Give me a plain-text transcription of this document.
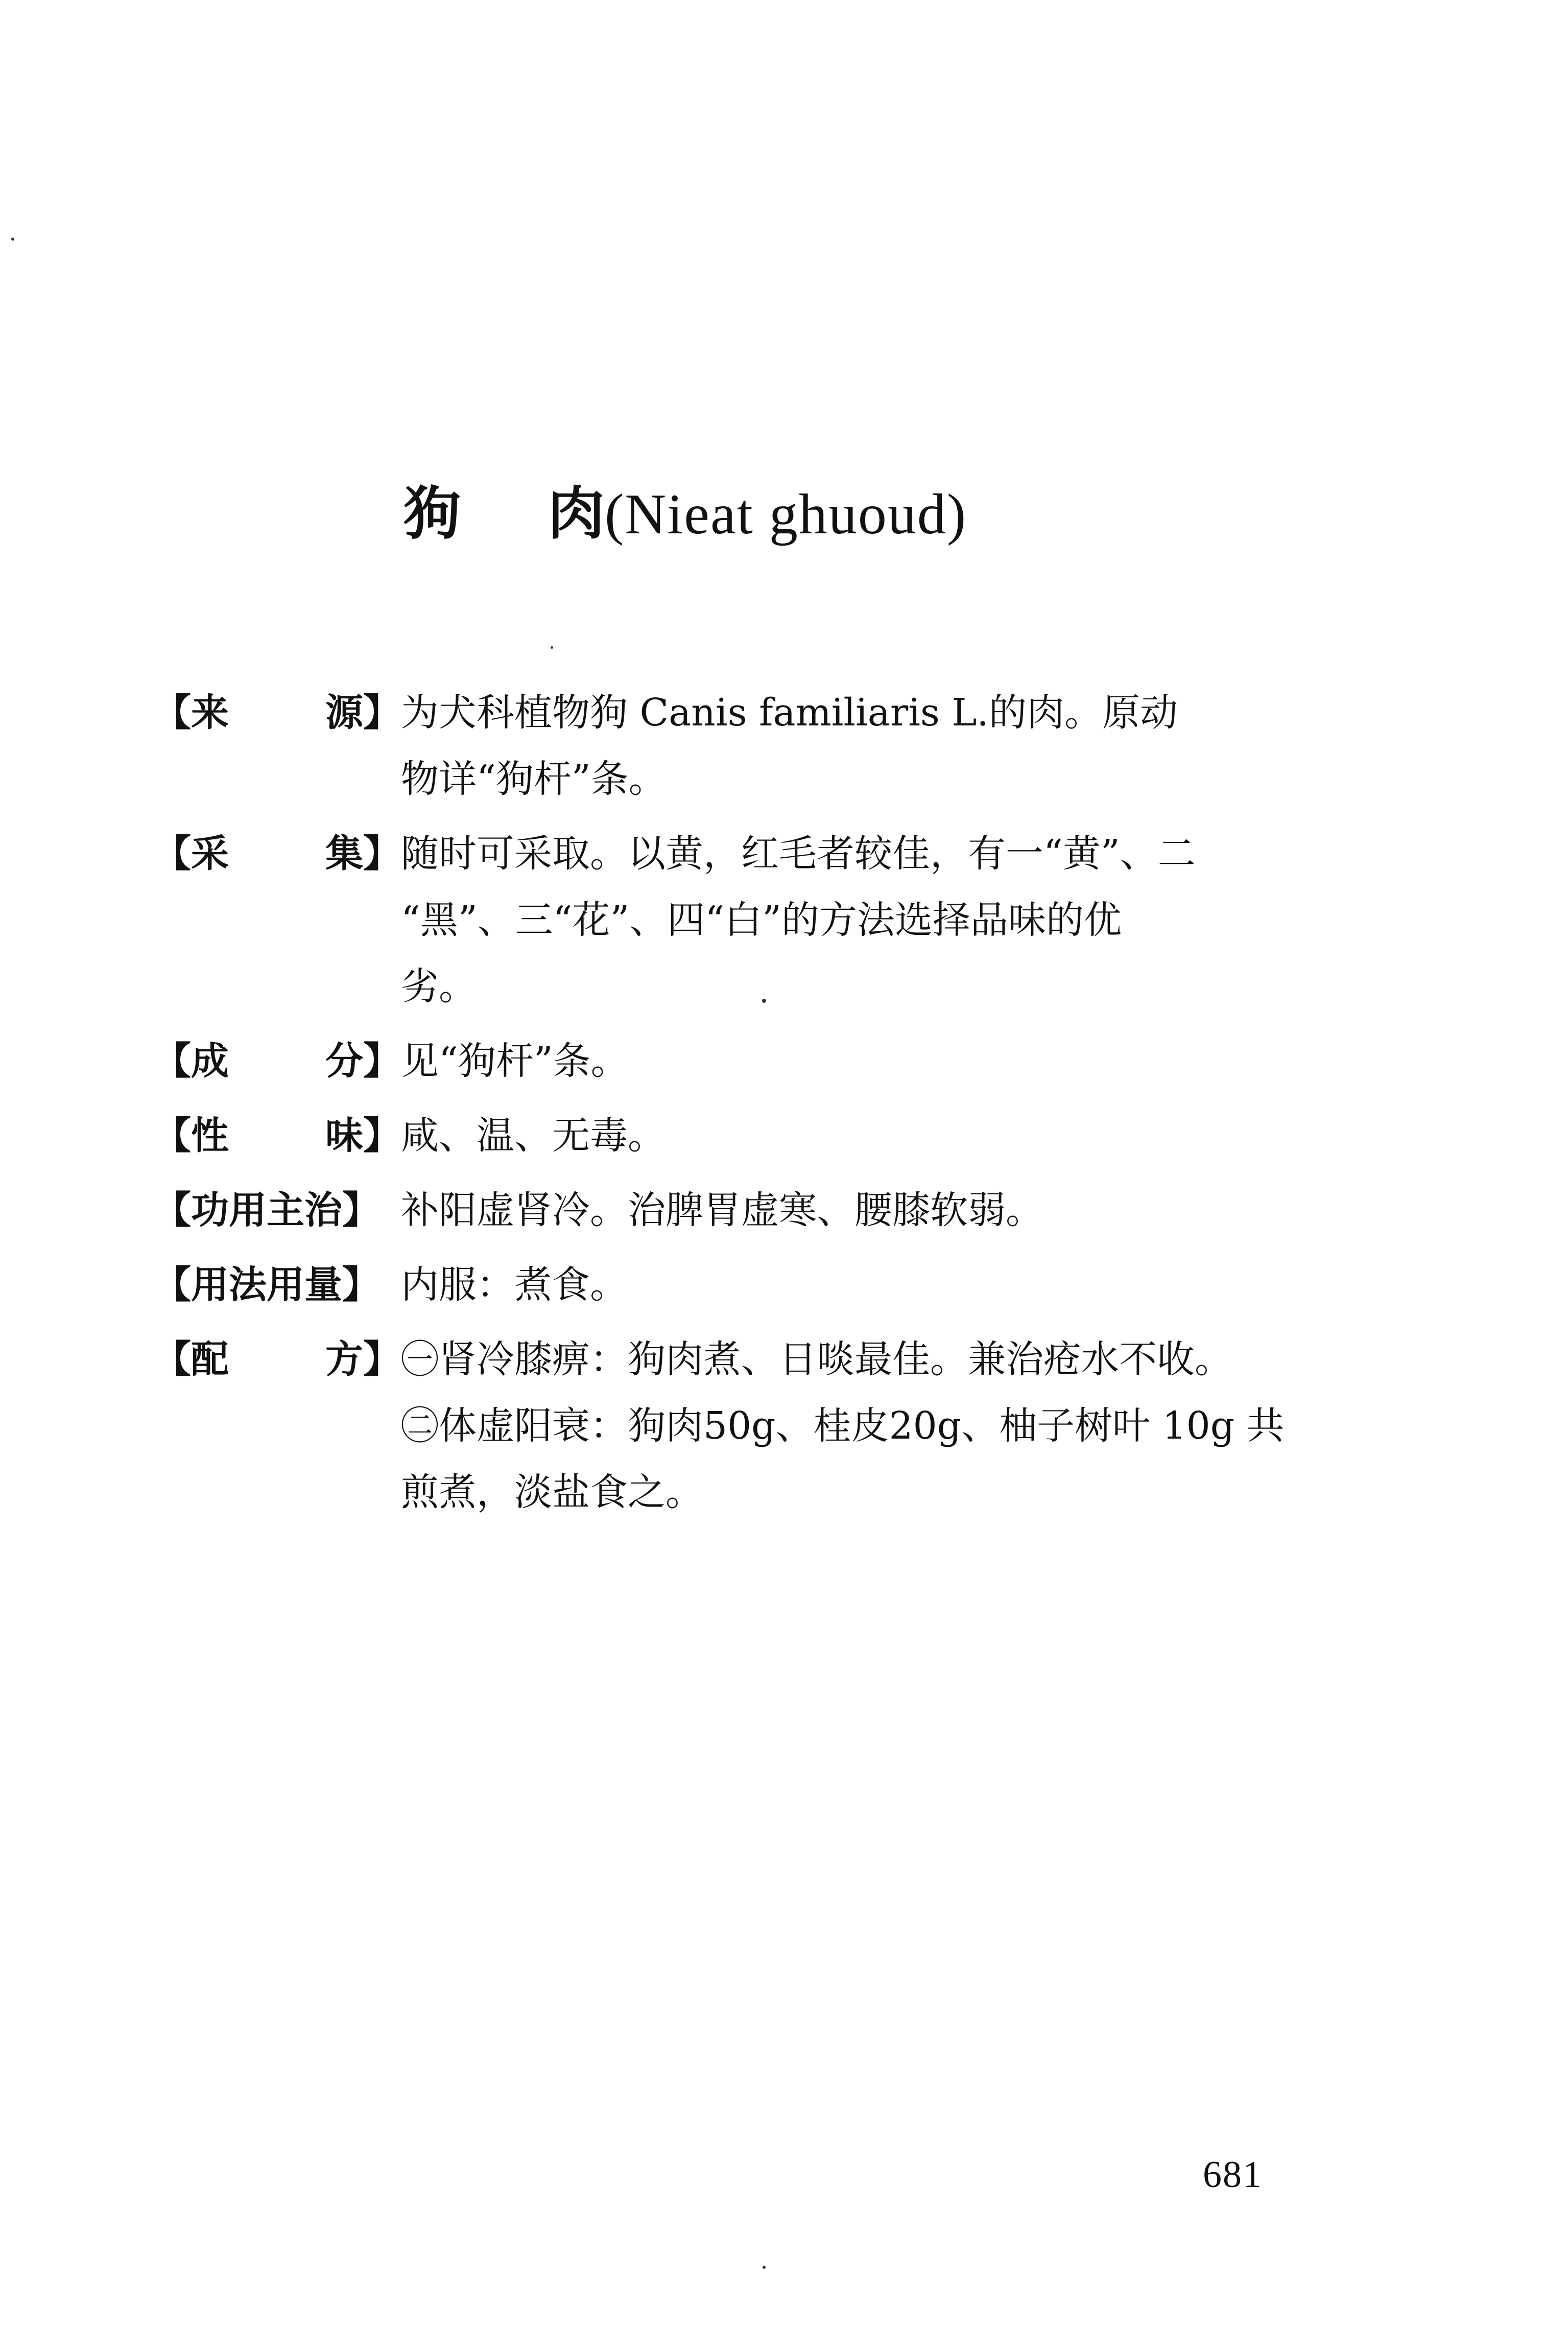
狗 肉(Nieat ghuoud)
【来	源】 为犬科植物狗 Canis familiaris L.的肉。原动
物详“狗杆”条。
【采	集】 随时可采取。以黄，红毛者较佳，有一“黄”、二
“黑”、三“花”、四“白”的方法选择品味的优
劣。
【成	分】 见“狗杆”条。
【性	味】 咸、温、无毒。
【功用主治】 补阳虚肾冷。治脾胃虚寒、腰膝软弱。
【用法用量】 内服：煮食。
【配	方】 ㊀肾冷膝痹：狗肉煮、日啖最佳。兼治疮水不收。
㊁体虚阳衰：狗肉50g、桂皮20g、柚子树叶 10g 共
煎煮，淡盐食之。
681
